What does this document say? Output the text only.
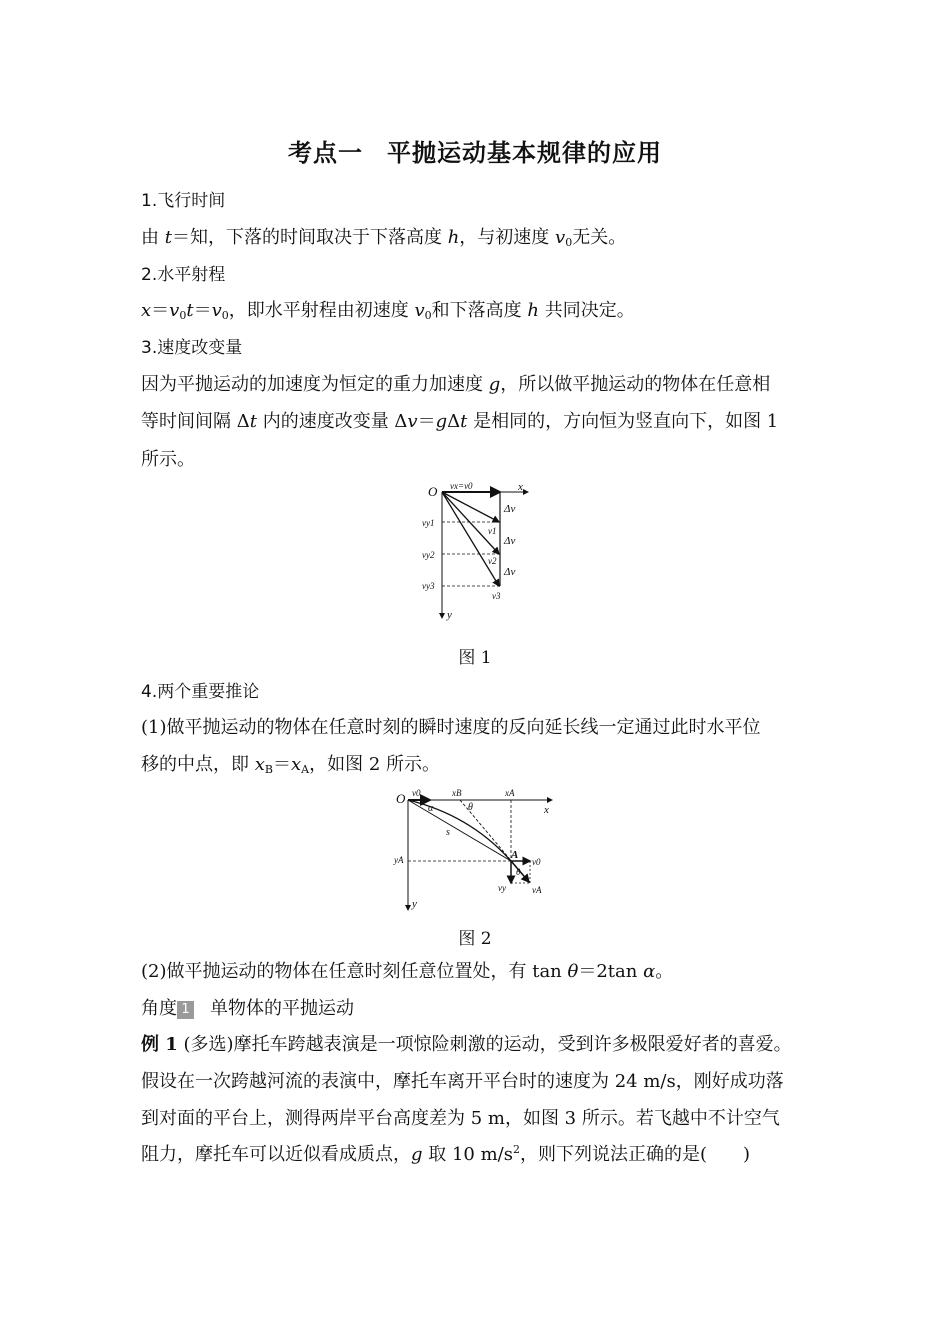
考点一 平抛运动基本规律的应用
1.飞行时间
由 t＝知，下落的时间取决于下落高度 h，与初速度 $v_0$无关。
2.水平射程
$x=v_0t=v_0$，即水平射程由初速度 $v_0$和下落高度 h 共同决定。
3.速度改变量
因为平抛运动的加速度为恒定的重力加速度 g，所以做平抛运动的物体在任意相
等时间间隔 Δt 内的速度改变量 Δv＝gΔt 是相同的，方向恒为竖直向下，如图 1
所示。
O	x
y
vx=v0
vy1
vy2
vy3
v1
v2
v3
Δv
Δv
Δv
图 1
4.两个重要推论
(1)做平抛运动的物体在任意时刻的瞬时速度的反向延长线一定通过此时水平位
移的中点，即 $x_B=x_A$，如图 2 所示。
O
x
y
v0	xB	xA
θ
α
s
A
v0
yA
θ
vy	vA
图 2
(2)做平抛运动的物体在任意时刻任意位置处，有 tan θ＝2tan α。
角度 1 单物体的平抛运动
例 1 (多选)摩托车跨越表演是一项惊险刺激的运动，受到许多极限爱好者的喜爱。
假设在一次跨越河流的表演中，摩托车离开平台时的速度为 24 m/s，刚好成功落
到对面的平台上，测得两岸平台高度差为 5 m，如图 3 所示。若飞越中不计空气
阻力，摩托车可以近似看成质点，g 取 10 $m/s^2$，则下列说法正确的是(　　)
